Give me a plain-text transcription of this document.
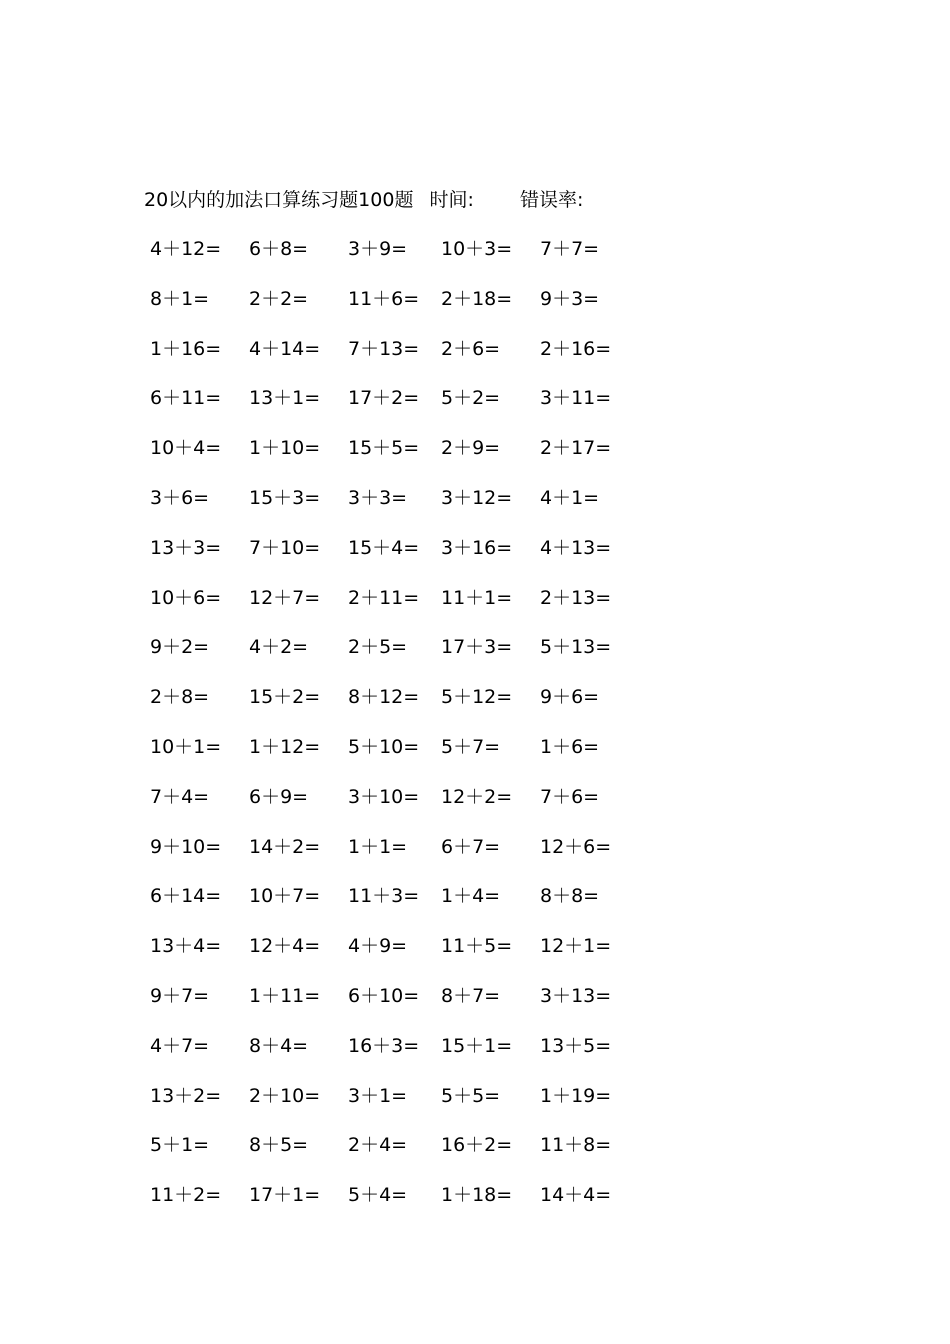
20以内的加法口算练习题100题 时间: 错误率:
4＋12= 6＋8= 3＋9= 10＋3= 7＋7=
8＋1= 2＋2= 11＋6= 2＋18= 9＋3=
1＋16= 4＋14= 7＋13= 2＋6= 2＋16=
6＋11= 13＋1= 17＋2= 5＋2= 3＋11=
10＋4= 1＋10= 15＋5= 2＋9= 2＋17=
3＋6= 15＋3= 3＋3= 3＋12= 4＋1=
13＋3= 7＋10= 15＋4= 3＋16= 4＋13=
10＋6= 12＋7= 2＋11= 11＋1= 2＋13=
9＋2= 4＋2= 2＋5= 17＋3= 5＋13=
2＋8= 15＋2= 8＋12= 5＋12= 9＋6=
10＋1= 1＋12= 5＋10= 5＋7= 1＋6=
7＋4= 6＋9= 3＋10= 12＋2= 7＋6=
9＋10= 14＋2= 1＋1= 6＋7= 12＋6=
6＋14= 10＋7= 11＋3= 1＋4= 8＋8=
13＋4= 12＋4= 4＋9= 11＋5= 12＋1=
9＋7= 1＋11= 6＋10= 8＋7= 3＋13=
4＋7= 8＋4= 16＋3= 15＋1= 13＋5=
13＋2= 2＋10= 3＋1= 5＋5= 1＋19=
5＋1= 8＋5= 2＋4= 16＋2= 11＋8=
11＋2= 17＋1= 5＋4= 1＋18= 14＋4=
